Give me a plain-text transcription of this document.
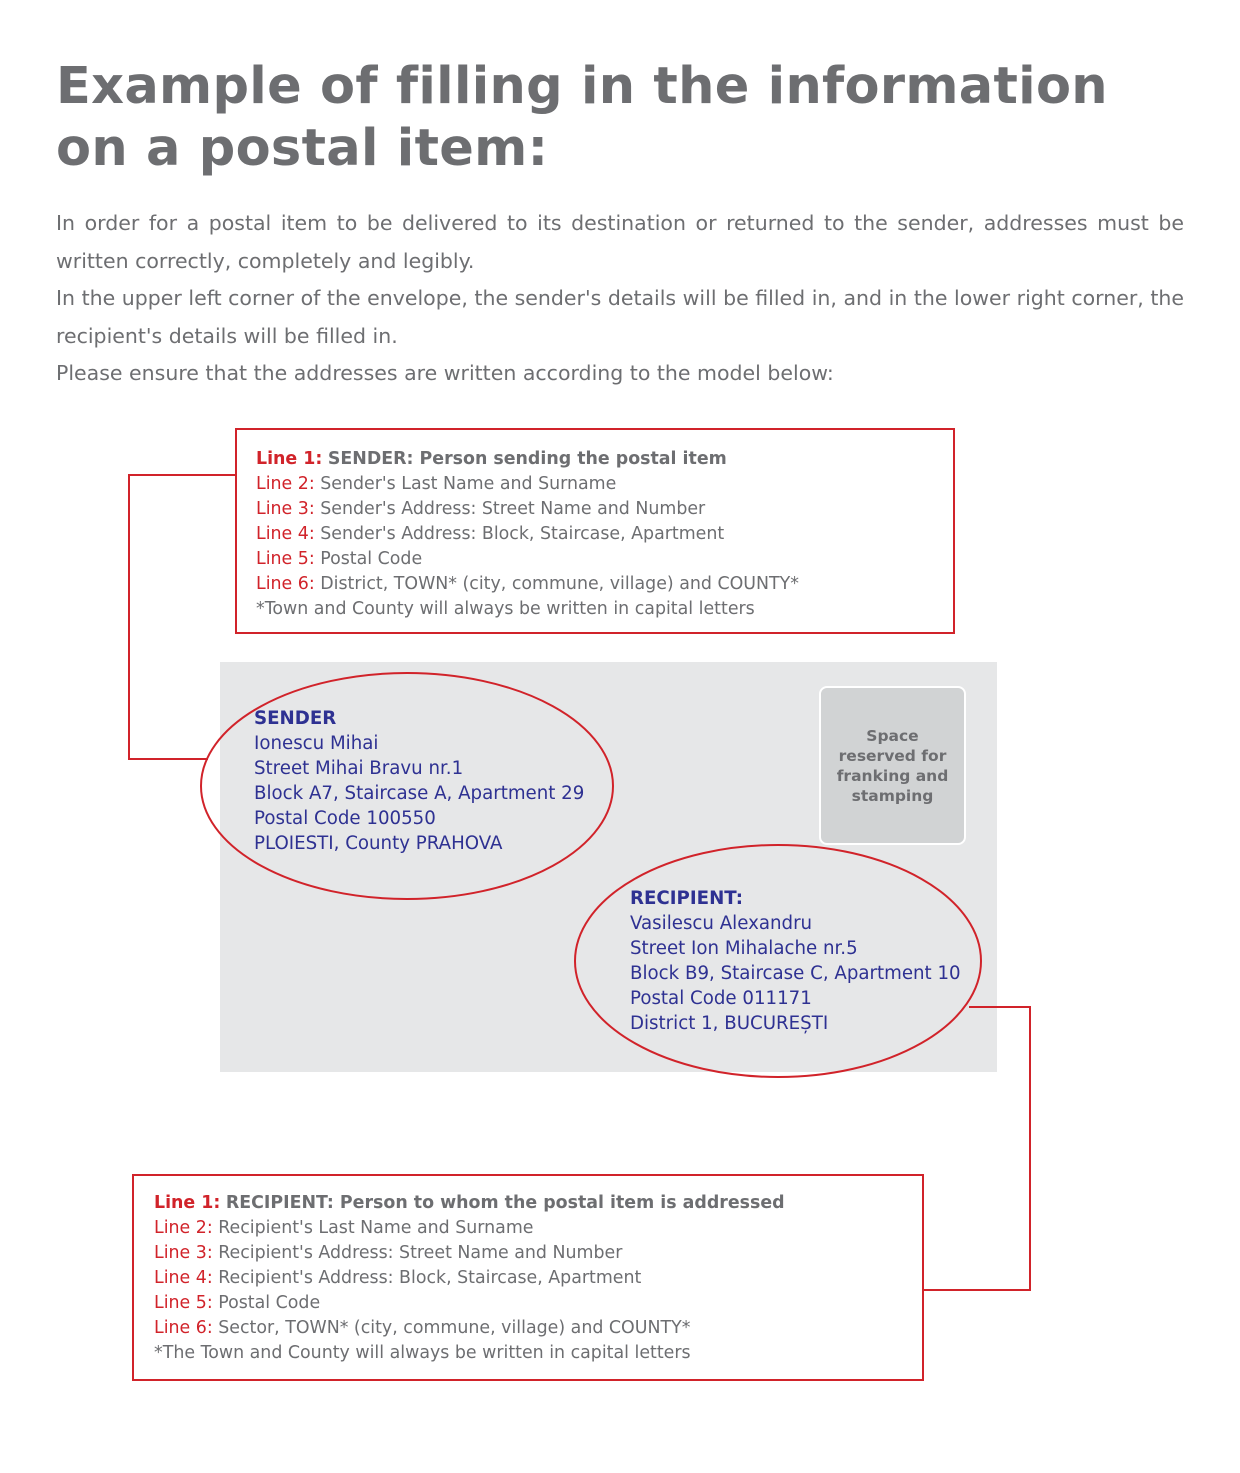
Example of filling in the information
on a postal item:

In order for a postal item to be delivered to its destination or returned to the sender, addresses must be written correctly, completely and legibly.

In the upper left corner of the envelope, the sender's details will be filled in, and in the lower right corner, the recipient's details will be filled in.

Please ensure that the addresses are written according to the model below:

Line 1: SENDER: Person sending the postal item
Line 2: Sender's Last Name and Surname
Line 3: Sender's Address: Street Name and Number
Line 4: Sender's Address: Block, Staircase, Apartment
Line 5: Postal Code
Line 6: District, TOWN* (city, commune, village) and COUNTY*
*Town and County will always be written in capital letters
Space reserved for franking and stamping
SENDER
Ionescu Mihai
Street Mihai Bravu nr.1
Block A7, Staircase A, Apartment 29
Postal Code 100550
PLOIESTI, County PRAHOVA
RECIPIENT:
Vasilescu Alexandru
Street Ion Mihalache nr.5
Block B9, Staircase C, Apartment 10
Postal Code 011171
District 1, BUCUREȘTI
Line 1: RECIPIENT: Person to whom the postal item is addressed
Line 2: Recipient's Last Name and Surname
Line 3: Recipient's Address: Street Name and Number
Line 4: Recipient's Address: Block, Staircase, Apartment
Line 5: Postal Code
Line 6: Sector, TOWN* (city, commune, village) and COUNTY*
*The Town and County will always be written in capital letters
